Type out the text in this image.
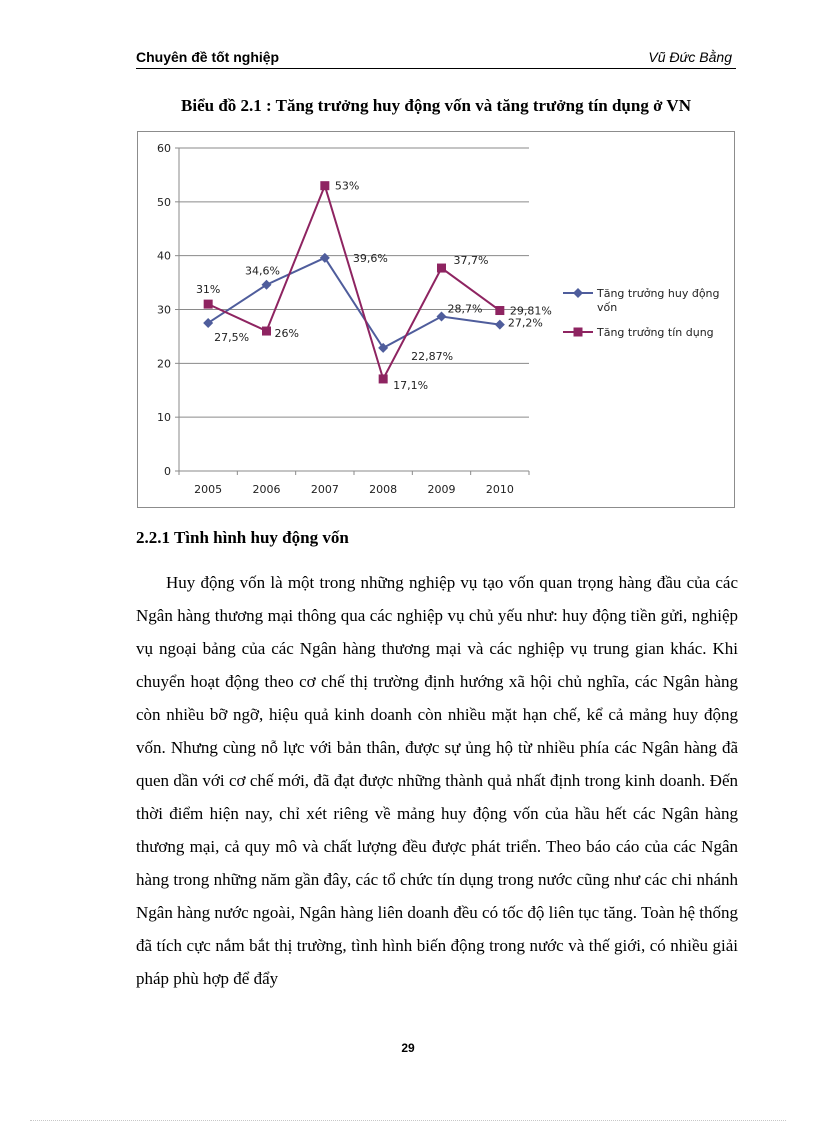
Chuyên đề tốt nghiệp	Vũ Đức Bằng
Biểu đồ 2.1 : Tăng trưởng huy động vốn và tăng trưởng tín dụng ở VN
0
10
20
30
40
50
60
2005	2006	2007	2008	2009	2010
27,5%
34,6%
39,6%
22,87%
28,7%
27,2%
31%
26%
53%
17,1%
37,7%
29,81%
Tăng trưởng huy động vốn
Tăng trưởng tín dụng
2.2.1 Tình hình huy động vốn

Huy động vốn là một trong những nghiệp vụ tạo vốn quan trọng hàng đầu của các Ngân hàng thương mại thông qua các nghiệp vụ chủ yếu như: huy động tiền gửi, nghiệp vụ ngoại bảng của các Ngân hàng thương mại và các nghiệp vụ trung gian khác. Khi chuyển hoạt động theo cơ chế thị trường định hướng xã hội chủ nghĩa, các Ngân hàng còn nhiều bỡ ngỡ, hiệu quả kinh doanh còn nhiều mặt hạn chế, kể cả mảng huy động vốn. Nhưng cùng nỗ lực với bản thân, được sự ủng hộ từ nhiều phía các Ngân hàng đã quen dần với cơ chế mới, đã đạt được những thành quả nhất định trong kinh doanh. Đến thời điểm hiện nay, chỉ xét riêng về mảng huy động vốn của hầu hết các Ngân hàng thương mại, cả quy mô và chất lượng đều được phát triển. Theo báo cáo của các Ngân hàng trong những năm gần đây, các tổ chức tín dụng trong nước cũng như các chi nhánh Ngân hàng nước ngoài, Ngân hàng liên doanh đều có tốc độ liên tục tăng. Toàn hệ thống đã tích cực nắm bắt thị trường, tình hình biến động trong nước và thế giới, có nhiều giải pháp phù hợp để đẩy

29
